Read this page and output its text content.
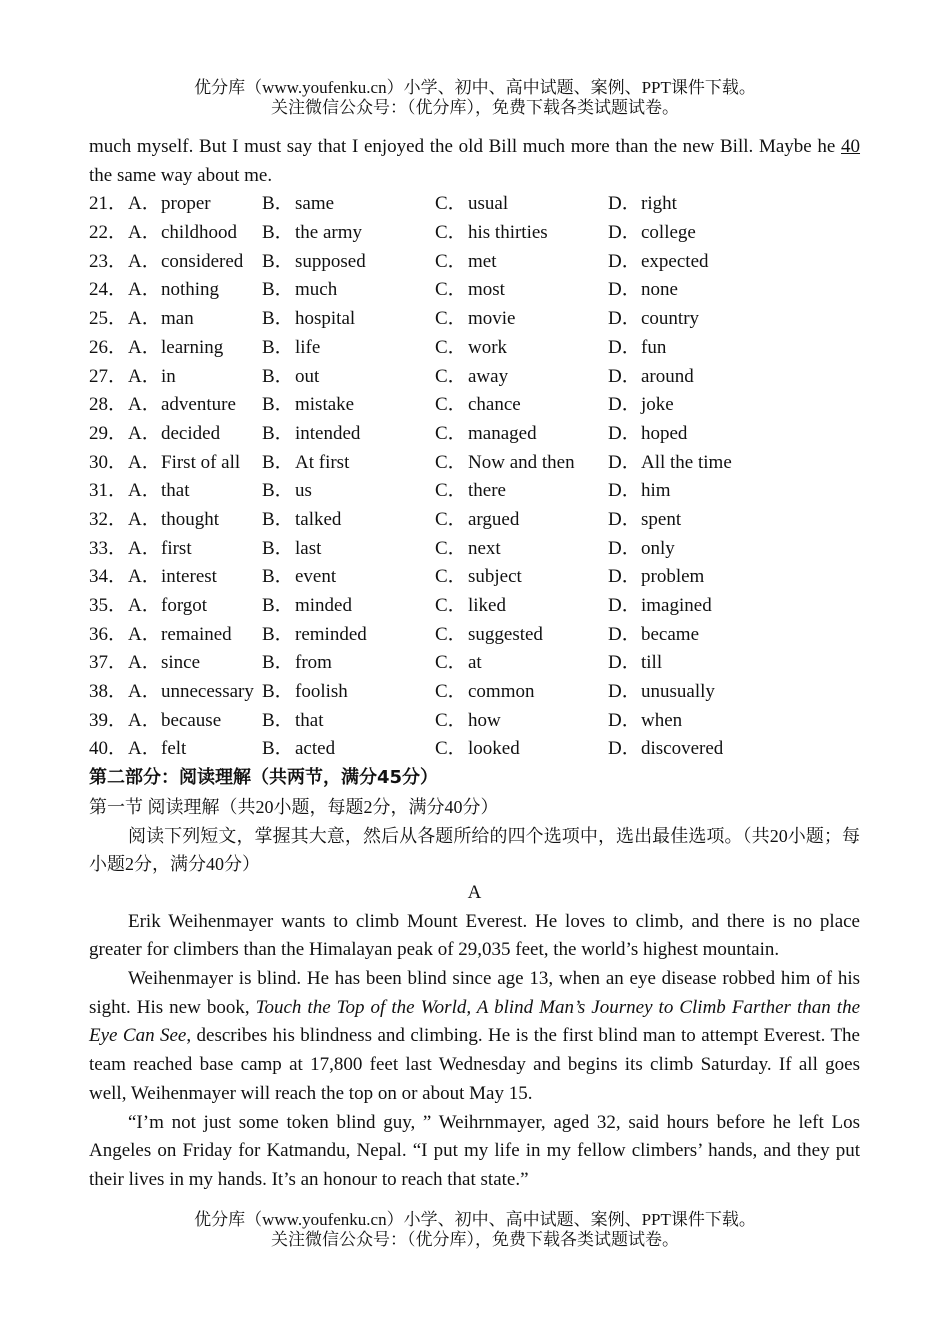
优分库（www.youfenku.cn）小学、初中、高中试题、案例、PPT课件下载。
关注微信公众号：（优分库），免费下载各类试题试卷。

much myself. But I must say that I enjoyed the old Bill much more than the new Bill. Maybe he 40 the same way about me.

21． A． proper	B． same	C． usual	D． right
22． A． childhood B． the army	C． his thirties	D． college
23． A． considered B． supposed	C． met	D． expected
24． A． nothing B． much	C． most	D． none
25． A． man	B． hospital	C． movie	D． country
26． A． learning B． life	C． work	D． fun
27． A． in	B． out	C． away	D． around
28． A． adventure B． mistake	C． chance	D． joke
29． A． decided B． intended	C． managed	D． hoped
30． A． First of all B． At first	C． Now and then D． All the time
31． A． that	B． us	C． there	D． him
32． A． thought B． talked	C． argued	D． spent
33． A． first	B． last	C． next	D． only
34． A． interest B． event	C． subject	D． problem
35． A． forgot	B． minded	C． liked	D． imagined
36． A． remained B． reminded	C． suggested	D． became
37． A． since	B． from	C． at	D． till
38． A． unnecessary B． foolish	C． common	D． unusually
39． A． because B． that	C． how	D． when
40． A． felt	B． acted	C． looked	D． discovered
第二部分：阅读理解（共两节，满分45分）
第一节 阅读理解（共20小题，每题2分，满分40分）

阅读下列短文，掌握其大意，然后从各题所给的四个选项中，选出最佳选项。（共20小题；每小题2分，满分40分）

A

Erik Weihenmayer wants to climb Mount Everest. He loves to climb, and there is no place greater for climbers than the Himalayan peak of 29,035 feet, the world’s highest mountain.

Weihenmayer is blind. He has been blind since age 13, when an eye disease robbed him of his sight. His new book, Touch the Top of the World, A blind Man’s Journey to Climb Farther than the Eye Can See, describes his blindness and climbing. He is the first blind man to attempt Everest. The team reached base camp at 17,800 feet last Wednesday and begins its climb Saturday. If all goes well, Weihenmayer will reach the top on or about May 15.

“I’m not just some token blind guy, ” Weihrnmayer, aged 32, said hours before he left Los Angeles on Friday for Katmandu, Nepal. “I put my life in my fellow climbers’ hands, and they put their lives in my hands. It’s an honour to reach that state.”

优分库（www.youfenku.cn）小学、初中、高中试题、案例、PPT课件下载。
关注微信公众号：（优分库），免费下载各类试题试卷。
